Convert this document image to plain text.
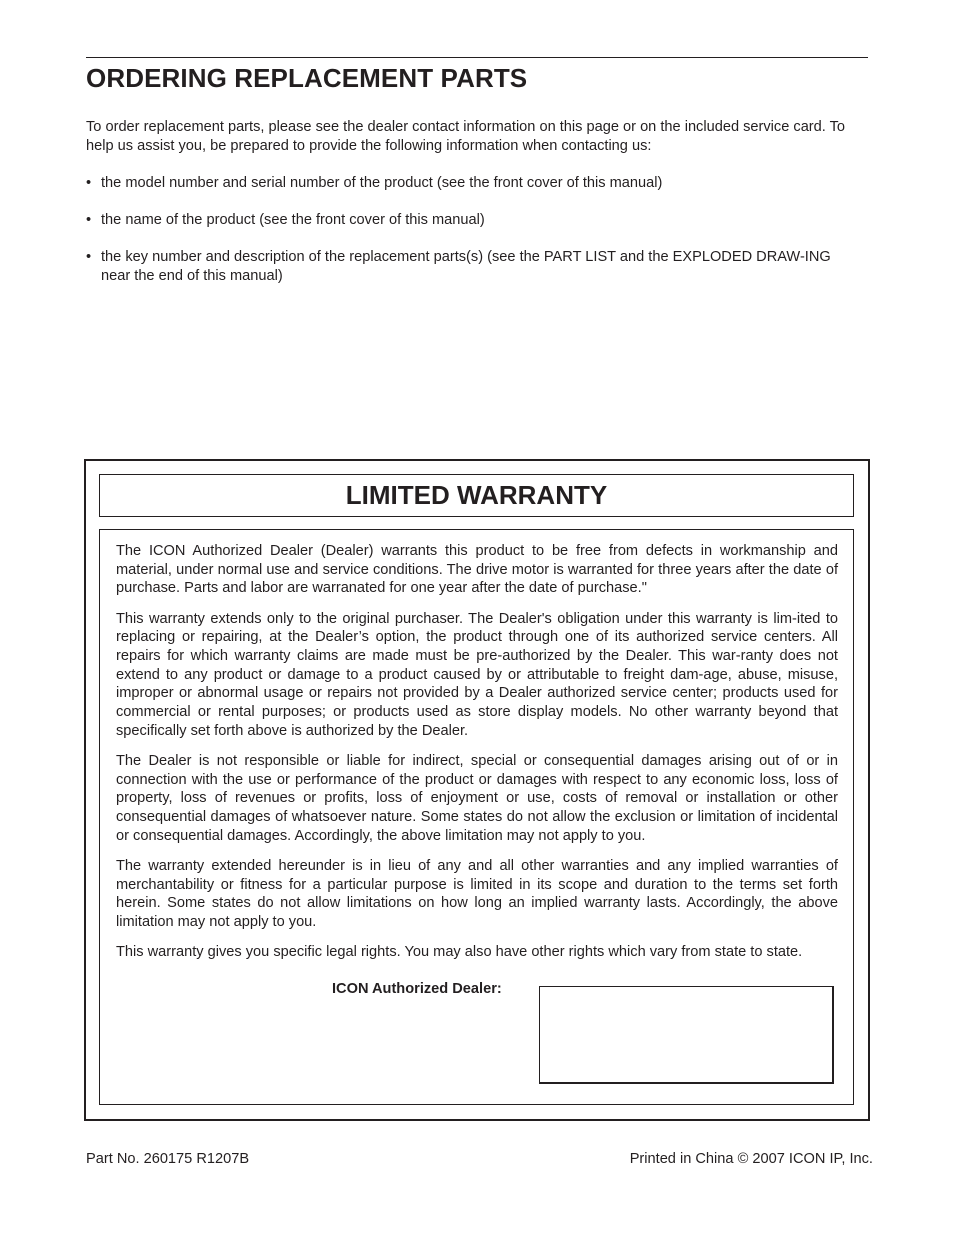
ORDERING REPLACEMENT PARTS

To order replacement parts, please see the dealer contact information on this page or on the included service card. To help us assist you, be prepared to provide the following information when contacting us:

• the model number and serial number of the product (see the front cover of this manual)
• the name of the product (see the front cover of this manual)
• the key number and description of the replacement parts(s) (see the PART LIST and the EXPLODED DRAW-ING near the end of this manual)
LIMITED WARRANTY

The ICON Authorized Dealer (Dealer) warrants this product to be free from defects in workmanship and material, under normal use and service conditions. The drive motor is warranted for three years after the date of purchase. Parts and labor are warranated for one year after the date of purchase."

This warranty extends only to the original purchaser. The Dealer's obligation under this warranty is lim-ited to replacing or repairing, at the Dealer’s option, the product through one of its authorized service centers. All repairs for which warranty claims are made must be pre-authorized by the Dealer. This war-ranty does not extend to any product or damage to a product caused by or attributable to freight dam-age, abuse, misuse, improper or abnormal usage or repairs not provided by a Dealer authorized service center; products used for commercial or rental purposes; or products used as store display models. No other warranty beyond that specifically set forth above is authorized by the Dealer.

The Dealer is not responsible or liable for indirect, special or consequential damages arising out of or in connection with the use or performance of the product or damages with respect to any economic loss, loss of property, loss of revenues or profits, loss of enjoyment or use, costs of removal or installation or other consequential damages of whatsoever nature. Some states do not allow the exclusion or limitation of incidental or consequential damages. Accordingly, the above limitation may not apply to you.

The warranty extended hereunder is in lieu of any and all other warranties and any implied warranties of merchantability or fitness for a particular purpose is limited in its scope and duration to the terms set forth herein. Some states do not allow limitations on how long an implied warranty lasts. Accordingly, the above limitation may not apply to you.

This warranty gives you specific legal rights. You may also have other rights which vary from state to state.

ICON Authorized Dealer:

Part No. 260175 R1207B	Printed in China © 2007 ICON IP, Inc.
